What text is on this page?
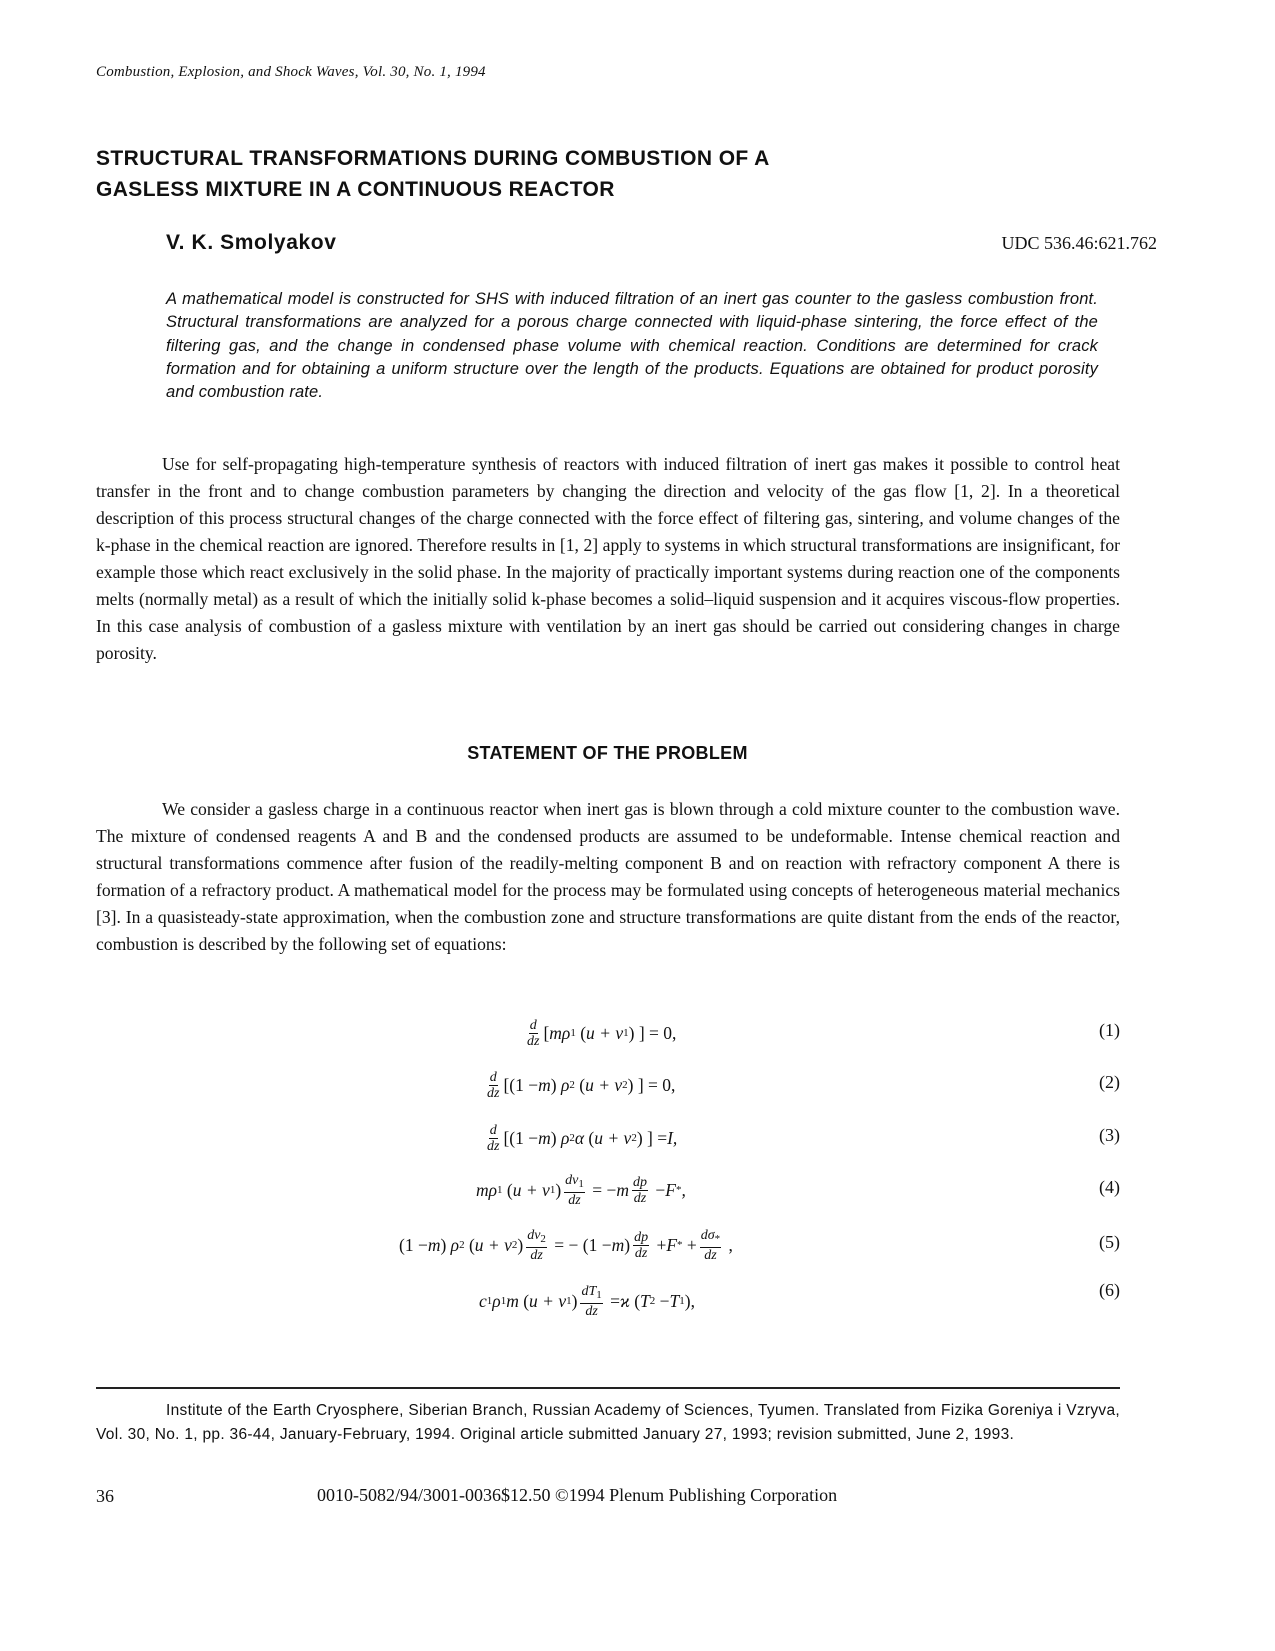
Combustion, Explosion, and Shock Waves, Vol. 30, No. 1, 1994
STRUCTURAL TRANSFORMATIONS DURING COMBUSTION OF A
GASLESS MIXTURE IN A CONTINUOUS REACTOR
V. K. Smolyakov	UDC 536.46:621.762

A mathematical model is constructed for SHS with induced filtration of an inert gas counter to the gasless combustion front. Structural transformations are analyzed for a porous charge connected with liquid-phase sintering, the force effect of the filtering gas, and the change in condensed phase volume with chemical reaction. Conditions are determined for crack formation and for obtaining a uniform structure over the length of the products. Equations are obtained for product porosity and combustion rate.

Use for self-propagating high-temperature synthesis of reactors with induced filtration of inert gas makes it possible to control heat transfer in the front and to change combustion parameters by changing the direction and velocity of the gas flow [1, 2]. In a theoretical description of this process structural changes of the charge connected with the force effect of filtering gas, sintering, and volume changes of the k-phase in the chemical reaction are ignored. Therefore results in [1, 2] apply to systems in which structural transformations are insignificant, for example those which react exclusively in the solid phase. In the majority of practically important systems during reaction one of the components melts (normally metal) as a result of which the initially solid k-phase becomes a solid–liquid suspension and it acquires viscous-flow properties. In this case analysis of combustion of a gasless mixture with ventilation by an inert gas should be carried out considering changes in charge porosity.

STATEMENT OF THE PROBLEM

We consider a gasless charge in a continuous reactor when inert gas is blown through a cold mixture counter to the combustion wave. The mixture of condensed reagents A and B and the condensed products are assumed to be undeformable. Intense chemical reaction and structural transformations commence after fusion of the readily-melting component B and on reaction with refractory component A there is formation of a refractory product. A mathematical model for the process may be formulated using concepts of heterogeneous material mechanics [3]. In a quasisteady-state approximation, when the combustion zone and structure transformations are quite distant from the ends of the reactor, combustion is described by the following set of equations:

$\frac{d}{dz}$ [ mρ 1
( u + v 1 )
] = 0,	(1)
$\frac{d}{dz} [(1 - m$ ) ρ 2
( u + v 2 ) ] = 0,	(2)
$\frac{d}{dz} [(1 - m$ ) ρ 2 α ( u + v 2 ) ] = I,	(3)
mρ 1
( u + v 1 ) $\frac{dv_1}{dz}$ = − m $\frac{dp}{dz} - F$ * ,	(4)
(1 − m ) ρ 2
( u + v 2 ) $\frac{dv_2}{dz}$ = − (1 − m ) $\frac{dp}{dz} + F$ * + $\frac{d\sigma_*}{dz}$ ,	(5)
c 1 ρ 1 m ( u + v 1 ) $\frac{dT_1}{dz} = ϰ$ ( T 2 − T 1 ),
(6)

Institute of the Earth Cryosphere, Siberian Branch, Russian Academy of Sciences, Tyumen. Translated from Fizika Goreniya i Vzryva, Vol. 30, No. 1, pp. 36-44, January-February, 1994. Original article submitted January 27, 1993; revision submitted, June 2, 1993.

36	0010-5082/94/3001-0036$12.50 ©1994 Plenum Publishing Corporation
